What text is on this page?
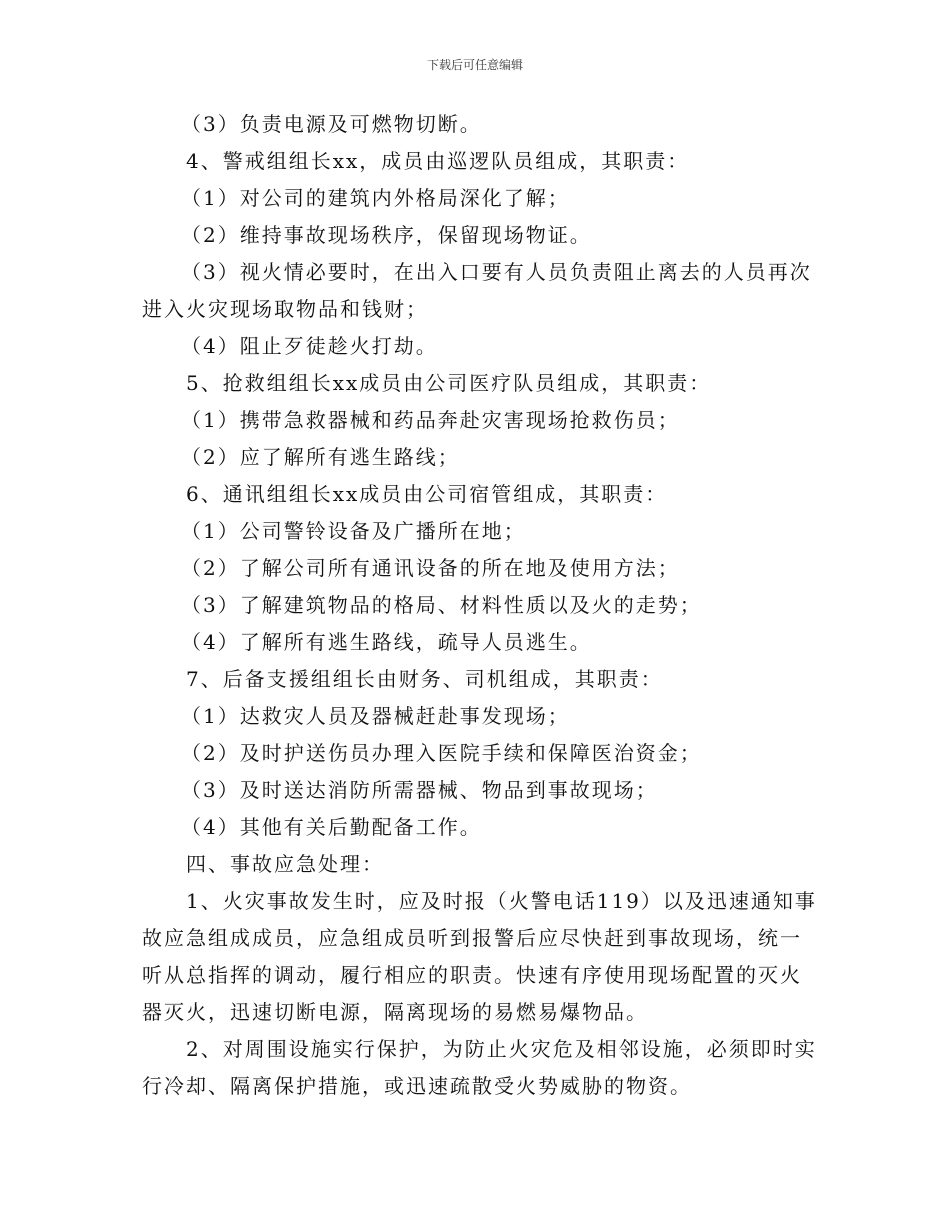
下载后可任意编辑
（3）负责电源及可燃物切断。
4、警戒组组长xx，成员由巡逻队员组成，其职责：
（1）对公司的建筑内外格局深化了解；
（2）维持事故现场秩序，保留现场物证。
（3）视火情必要时，在出入口要有人员负责阻止离去的人员再次
进入火灾现场取物品和钱财；
（4）阻止歹徒趁火打劫。
5、抢救组组长xx成员由公司医疗队员组成，其职责：
（1）携带急救器械和药品奔赴灾害现场抢救伤员；
（2）应了解所有逃生路线；
6、通讯组组长xx成员由公司宿管组成，其职责：
（1）公司警铃设备及广播所在地；
（2）了解公司所有通讯设备的所在地及使用方法；
（3）了解建筑物品的格局、材料性质以及火的走势；
（4）了解所有逃生路线，疏导人员逃生。
7、后备支援组组长由财务、司机组成，其职责：
（1）达救灾人员及器械赶赴事发现场；
（2）及时护送伤员办理入医院手续和保障医治资金；
（3）及时送达消防所需器械、物品到事故现场；
（4）其他有关后勤配备工作。
四、事故应急处理：
1、火灾事故发生时，应及时报（火警电话119）以及迅速通知事
故应急组成成员，应急组成员听到报警后应尽快赶到事故现场，统一
听从总指挥的调动，履行相应的职责。快速有序使用现场配置的灭火
器灭火，迅速切断电源，隔离现场的易燃易爆物品。
2、对周围设施实行保护，为防止火灾危及相邻设施，必须即时实
行冷却、隔离保护措施，或迅速疏散受火势威胁的物资。
